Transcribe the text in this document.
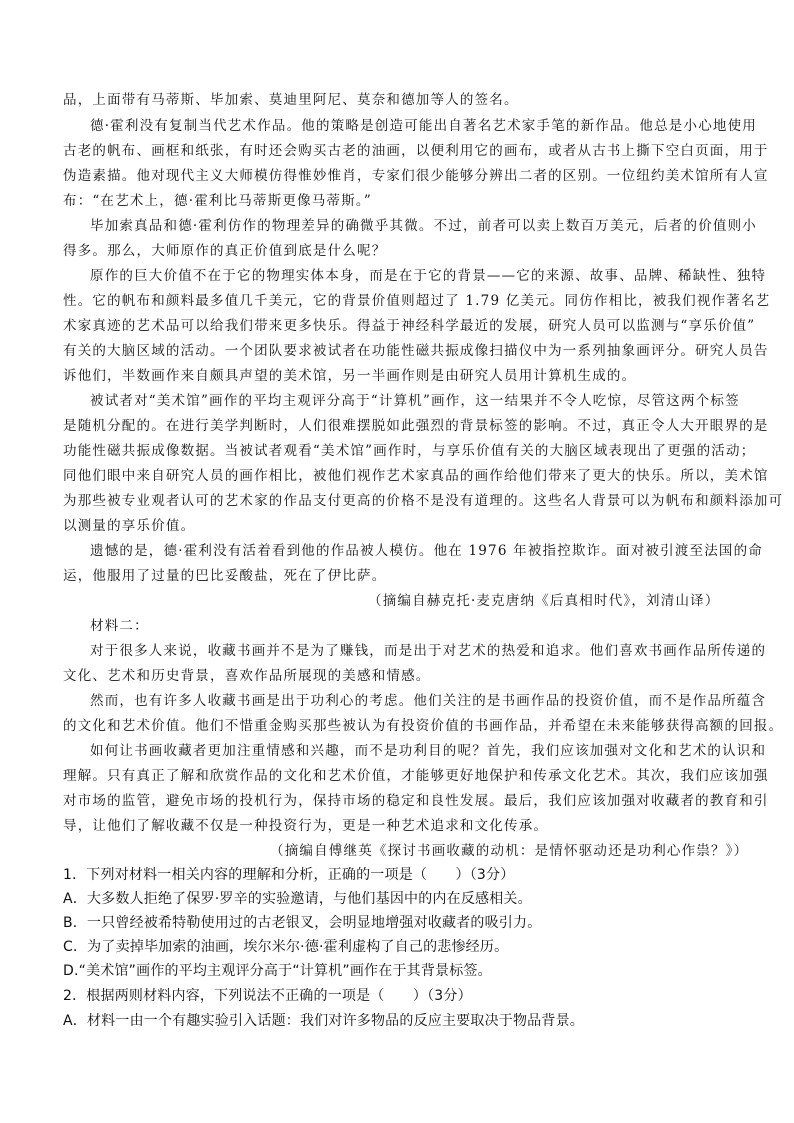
品，上面带有马蒂斯、毕加索、莫迪里阿尼、莫奈和德加等人的签名。
德·霍利没有复制当代艺术作品。他的策略是创造可能出自著名艺术家手笔的新作品。他总是小心地使用
古老的帆布、画框和纸张，有时还会购买古老的油画，以便利用它的画布，或者从古书上撕下空白页面，用于
伪造素描。他对现代主义大师模仿得惟妙惟肖，专家们很少能够分辨出二者的区别。一位纽约美术馆所有人宣
布：“在艺术上，德·霍利比马蒂斯更像马蒂斯。”
毕加索真品和德·霍利仿作的物理差异的确微乎其微。不过，前者可以卖上数百万美元，后者的价值则小
得多。那么，大师原作的真正价值到底是什么呢？
原作的巨大价值不在于它的物理实体本身，而是在于它的背景——它的来源、故事、品牌、稀缺性、独特
性。它的帆布和颜料最多值几千美元，它的背景价值则超过了 1.79 亿美元。同仿作相比，被我们视作著名艺
术家真迹的艺术品可以给我们带来更多快乐。得益于神经科学最近的发展，研究人员可以监测与“享乐价值”
有关的大脑区域的活动。一个团队要求被试者在功能性磁共振成像扫描仪中为一系列抽象画评分。研究人员告
诉他们，半数画作来自颇具声望的美术馆，另一半画作则是由研究人员用计算机生成的。
被试者对“美术馆”画作的平均主观评分高于“计算机”画作，这一结果并不令人吃惊，尽管这两个标签
是随机分配的。在进行美学判断时，人们很难摆脱如此强烈的背景标签的影响。不过，真正令人大开眼界的是
功能性磁共振成像数据。当被试者观看“美术馆”画作时，与享乐价值有关的大脑区域表现出了更强的活动；
同他们眼中来自研究人员的画作相比，被他们视作艺术家真品的画作给他们带来了更大的快乐。所以，美术馆
为那些被专业观者认可的艺术家的作品支付更高的价格不是没有道理的。这些名人背景可以为帆布和颜料添加可
以测量的享乐价值。
遗憾的是，德·霍利没有活着看到他的作品被人模仿。他在 1976 年被指控欺诈。面对被引渡至法国的命
运，他服用了过量的巴比妥酸盐，死在了伊比萨。
（摘编自赫克托·麦克唐纳《后真相时代》，刘清山译）
材料二：
对于很多人来说，收藏书画并不是为了赚钱，而是出于对艺术的热爱和追求。他们喜欢书画作品所传递的
文化、艺术和历史背景，喜欢作品所展现的美感和情感。
然而，也有许多人收藏书画是出于功利心的考虑。他们关注的是书画作品的投资价值，而不是作品所蕴含
的文化和艺术价值。他们不惜重金购买那些被认为有投资价值的书画作品，并希望在未来能够获得高额的回报。
如何让书画收藏者更加注重情感和兴趣，而不是功利目的呢？首先，我们应该加强对文化和艺术的认识和
理解。只有真正了解和欣赏作品的文化和艺术价值，才能够更好地保护和传承文化艺术。其次，我们应该加强
对市场的监管，避免市场的投机行为，保持市场的稳定和良性发展。最后，我们应该加强对收藏者的教育和引
导，让他们了解收藏不仅是一种投资行为，更是一种艺术追求和文化传承。
（摘编自傅继英《探讨书画收藏的动机：是情怀驱动还是功利心作祟？》）
1．下列对材料一相关内容的理解和分析，正确的一项是（　　）（3分）
A．大多数人拒绝了保罗·罗辛的实验邀请，与他们基因中的内在反感相关。
B．一只曾经被希特勒使用过的古老银叉，会明显地增强对收藏者的吸引力。
C．为了卖掉毕加索的油画，埃尔米尔·德·霍利虚构了自己的悲惨经历。
D.“美术馆”画作的平均主观评分高于“计算机”画作在于其背景标签。
2．根据两则材料内容，下列说法不正确的一项是（　　）（3分）
A．材料一由一个有趣实验引入话题：我们对许多物品的反应主要取决于物品背景。
